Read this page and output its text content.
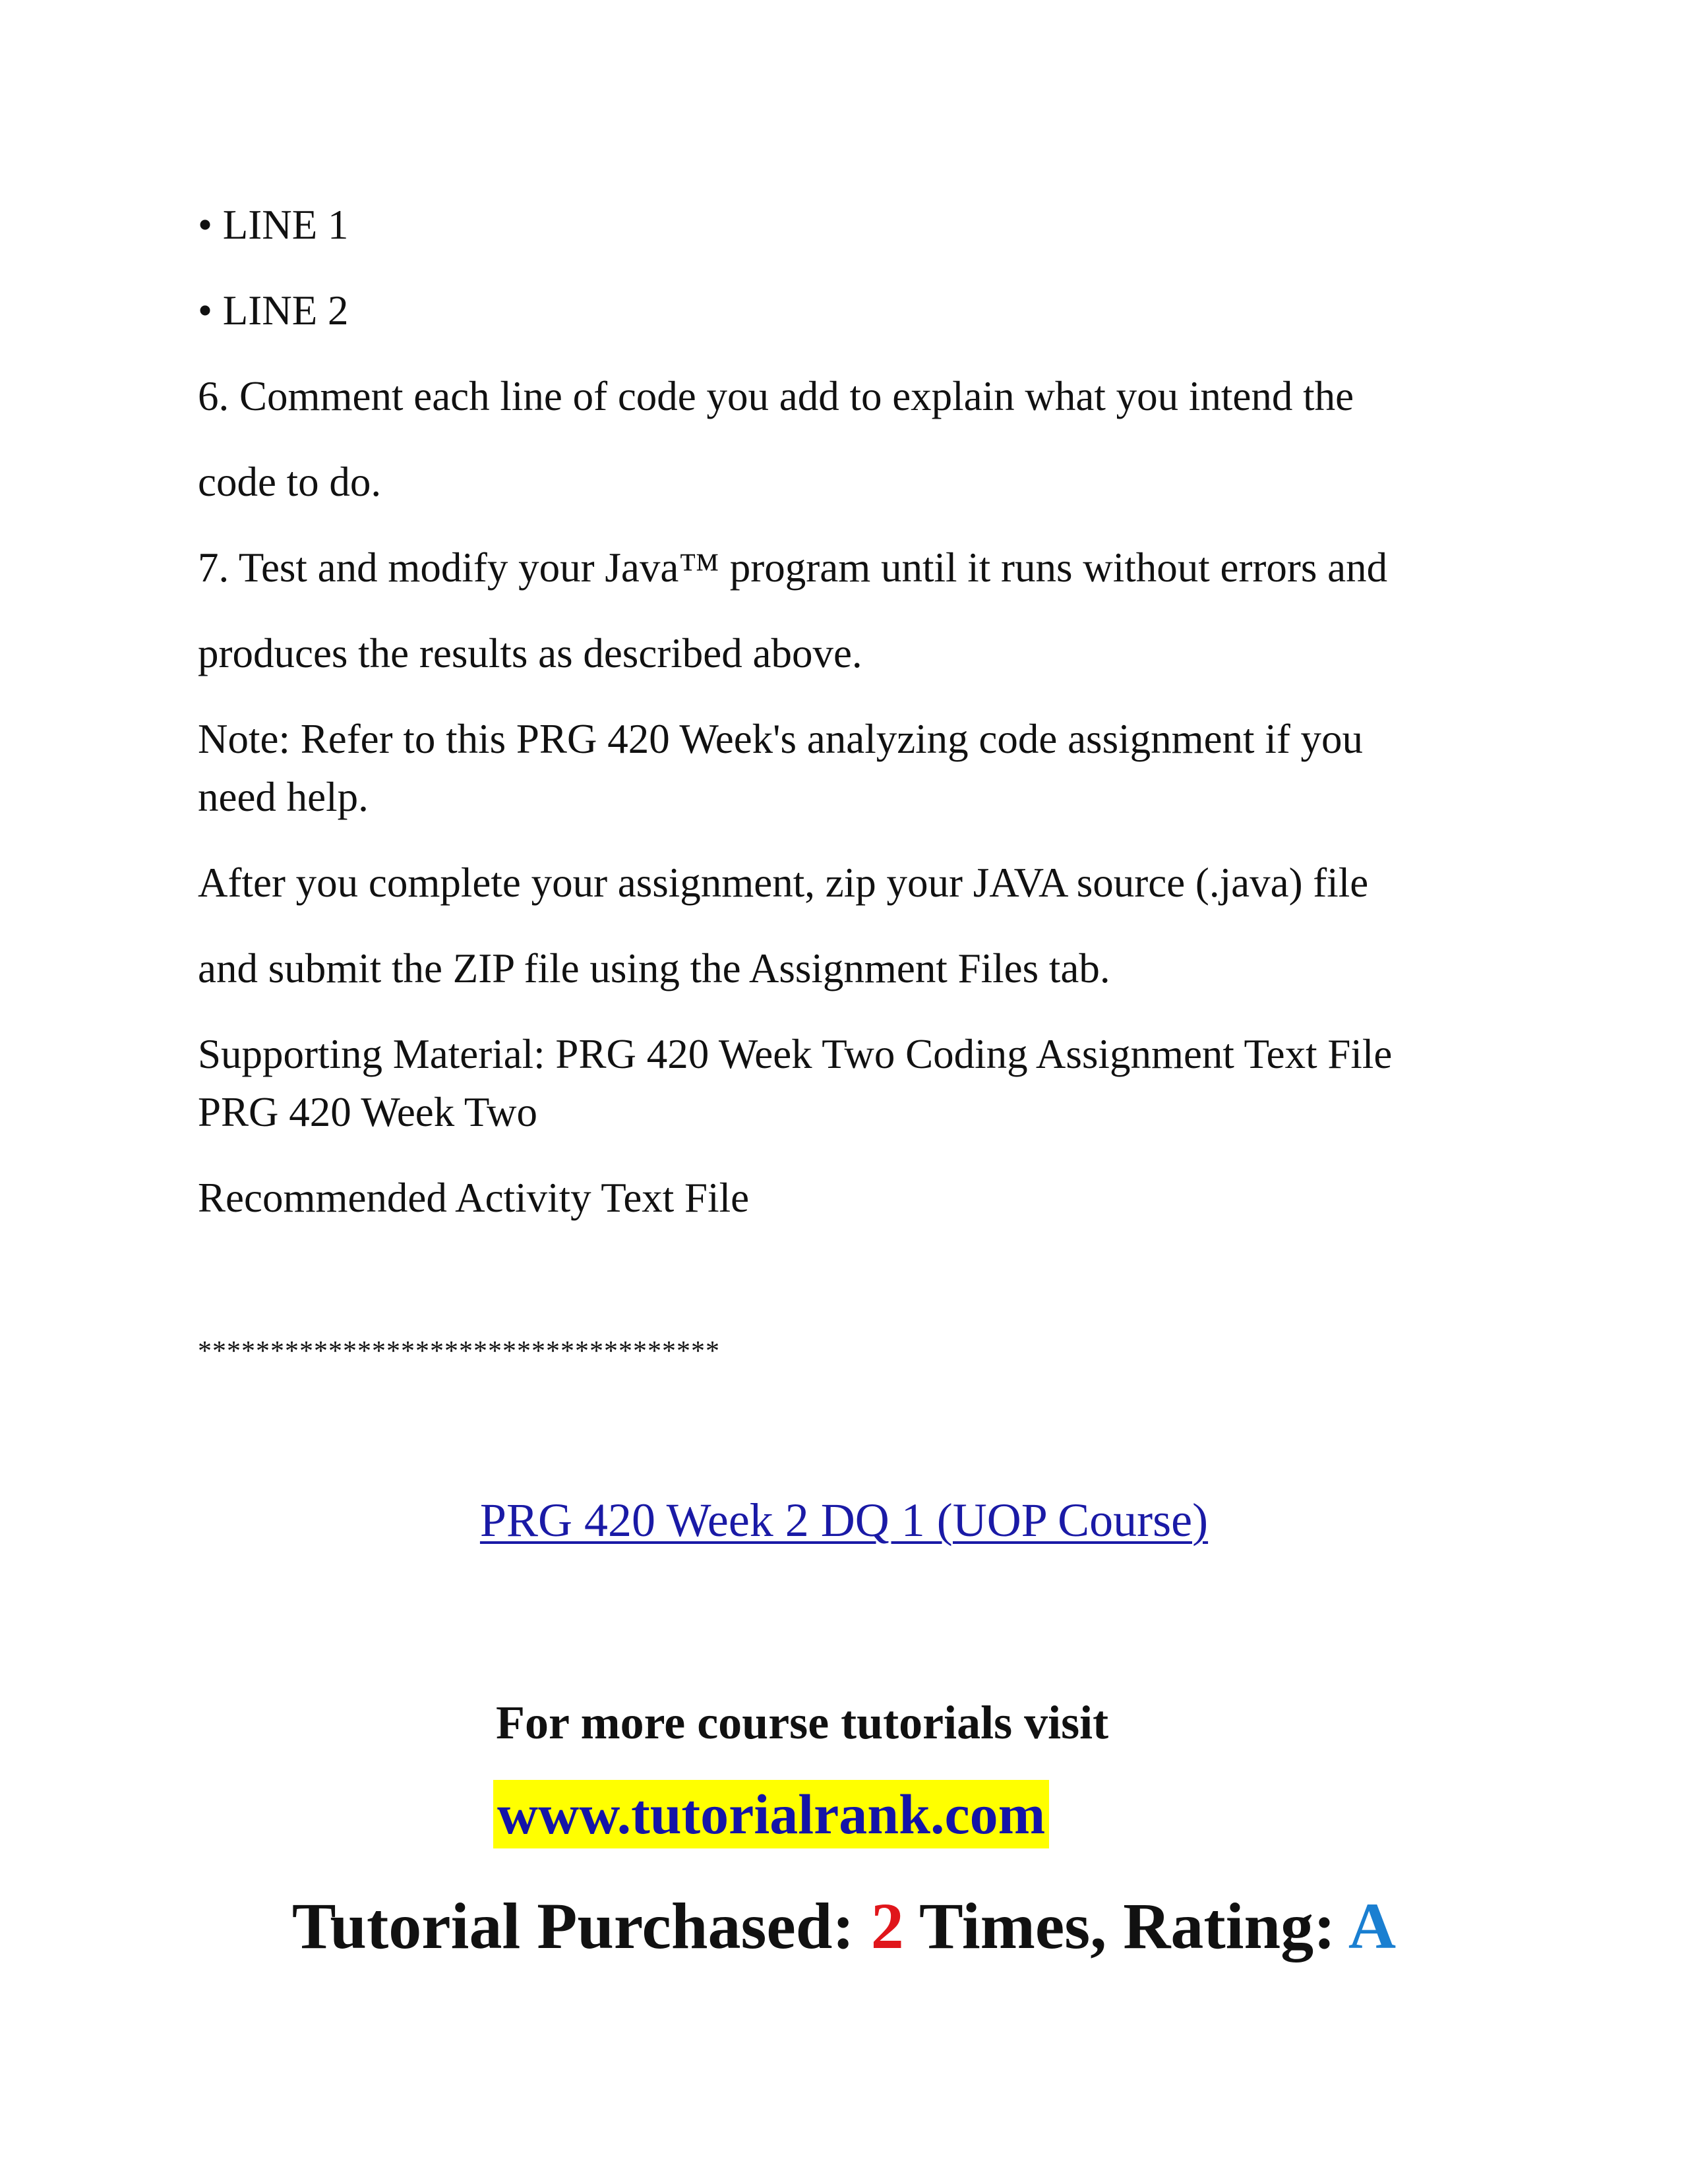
• LINE 1

• LINE 2

6. Comment each line of code you add to explain what you intend the

code to do.

7. Test and modify your Java™ program until it runs without errors and

produces the results as described above.

Note: Refer to this PRG 420 Week's analyzing code assignment if you

need help.

After you complete your assignment, zip your JAVA source (.java) file

and submit the ZIP file using the Assignment Files tab.

Supporting Material: PRG 420 Week Two Coding Assignment Text File

PRG 420 Week Two

Recommended Activity Text File

************************************
PRG 420 Week 2 DQ 1 (UOP Course)
For more course tutorials visit
www.tutorialrank.com
Tutorial Purchased: 2 Times, Rating: A
